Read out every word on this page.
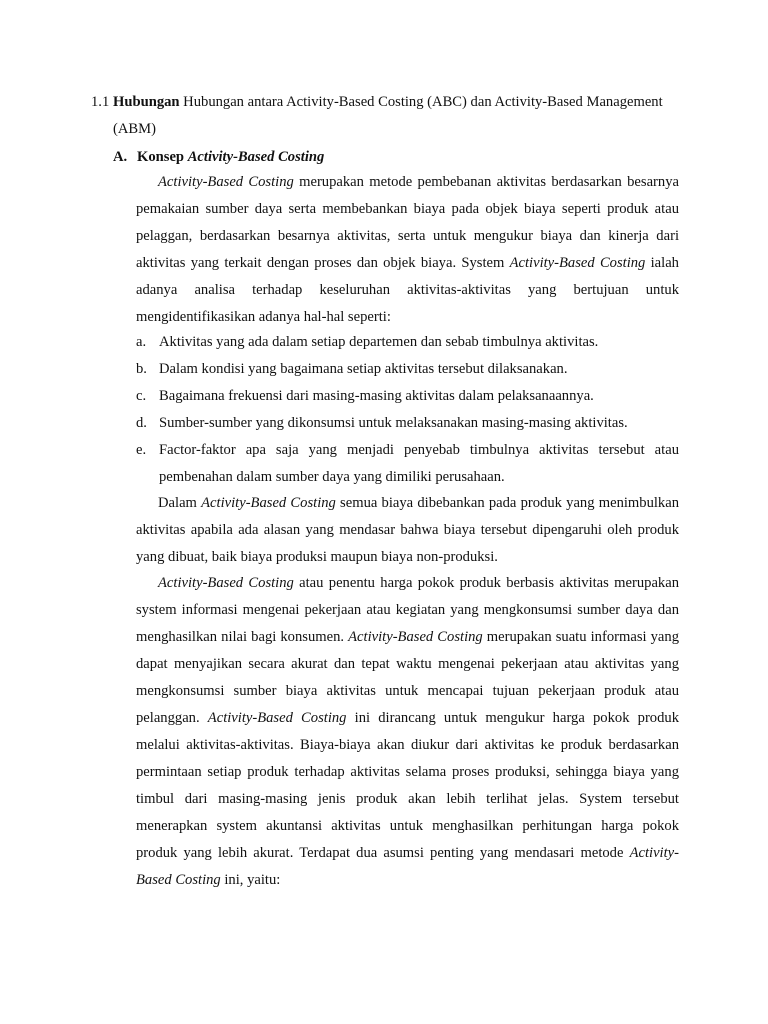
1.1 Hubungan Hubungan antara Activity-Based Costing (ABC) dan Activity-Based Management
(ABM)
A. Konsep Activity-Based Costing

Activity-Based Costing merupakan metode pembebanan aktivitas berdasarkan besarnya pemakaian sumber daya serta membebankan biaya pada objek biaya seperti produk atau pelaggan, berdasarkan besarnya aktivitas, serta untuk mengukur biaya dan kinerja dari aktivitas yang terkait dengan proses dan objek biaya. System Activity-Based Costing ialah adanya analisa terhadap keseluruhan aktivitas-aktivitas yang bertujuan untuk mengidentifikasikan adanya hal-hal seperti:

a. Aktivitas yang ada dalam setiap departemen dan sebab timbulnya aktivitas.
b. Dalam kondisi yang bagaimana setiap aktivitas tersebut dilaksanakan.
c. Bagaimana frekuensi dari masing-masing aktivitas dalam pelaksanaannya.
d. Sumber-sumber yang dikonsumsi untuk melaksanakan masing-masing aktivitas.
e. Factor-faktor apa saja yang menjadi penyebab timbulnya aktivitas tersebut atau pembenahan dalam sumber daya yang dimiliki perusahaan.

Dalam Activity-Based Costing semua biaya dibebankan pada produk yang menimbulkan aktivitas apabila ada alasan yang mendasar bahwa biaya tersebut dipengaruhi oleh produk yang dibuat, baik biaya produksi maupun biaya non-produksi.

Activity-Based Costing atau penentu harga pokok produk berbasis aktivitas merupakan system informasi mengenai pekerjaan atau kegiatan yang mengkonsumsi sumber daya dan menghasilkan nilai bagi konsumen. Activity-Based Costing merupakan suatu informasi yang dapat menyajikan secara akurat dan tepat waktu mengenai pekerjaan atau aktivitas yang mengkonsumsi sumber biaya aktivitas untuk mencapai tujuan pekerjaan produk atau pelanggan. Activity-Based Costing ini dirancang untuk mengukur harga pokok produk melalui aktivitas-aktivitas. Biaya-biaya akan diukur dari aktivitas ke produk berdasarkan permintaan setiap produk terhadap aktivitas selama proses produksi, sehingga biaya yang timbul dari masing-masing jenis produk akan lebih terlihat jelas. System tersebut menerapkan system akuntansi aktivitas untuk menghasilkan perhitungan harga pokok produk yang lebih akurat. Terdapat dua asumsi penting yang mendasari metode Activity-Based Costing ini, yaitu:
